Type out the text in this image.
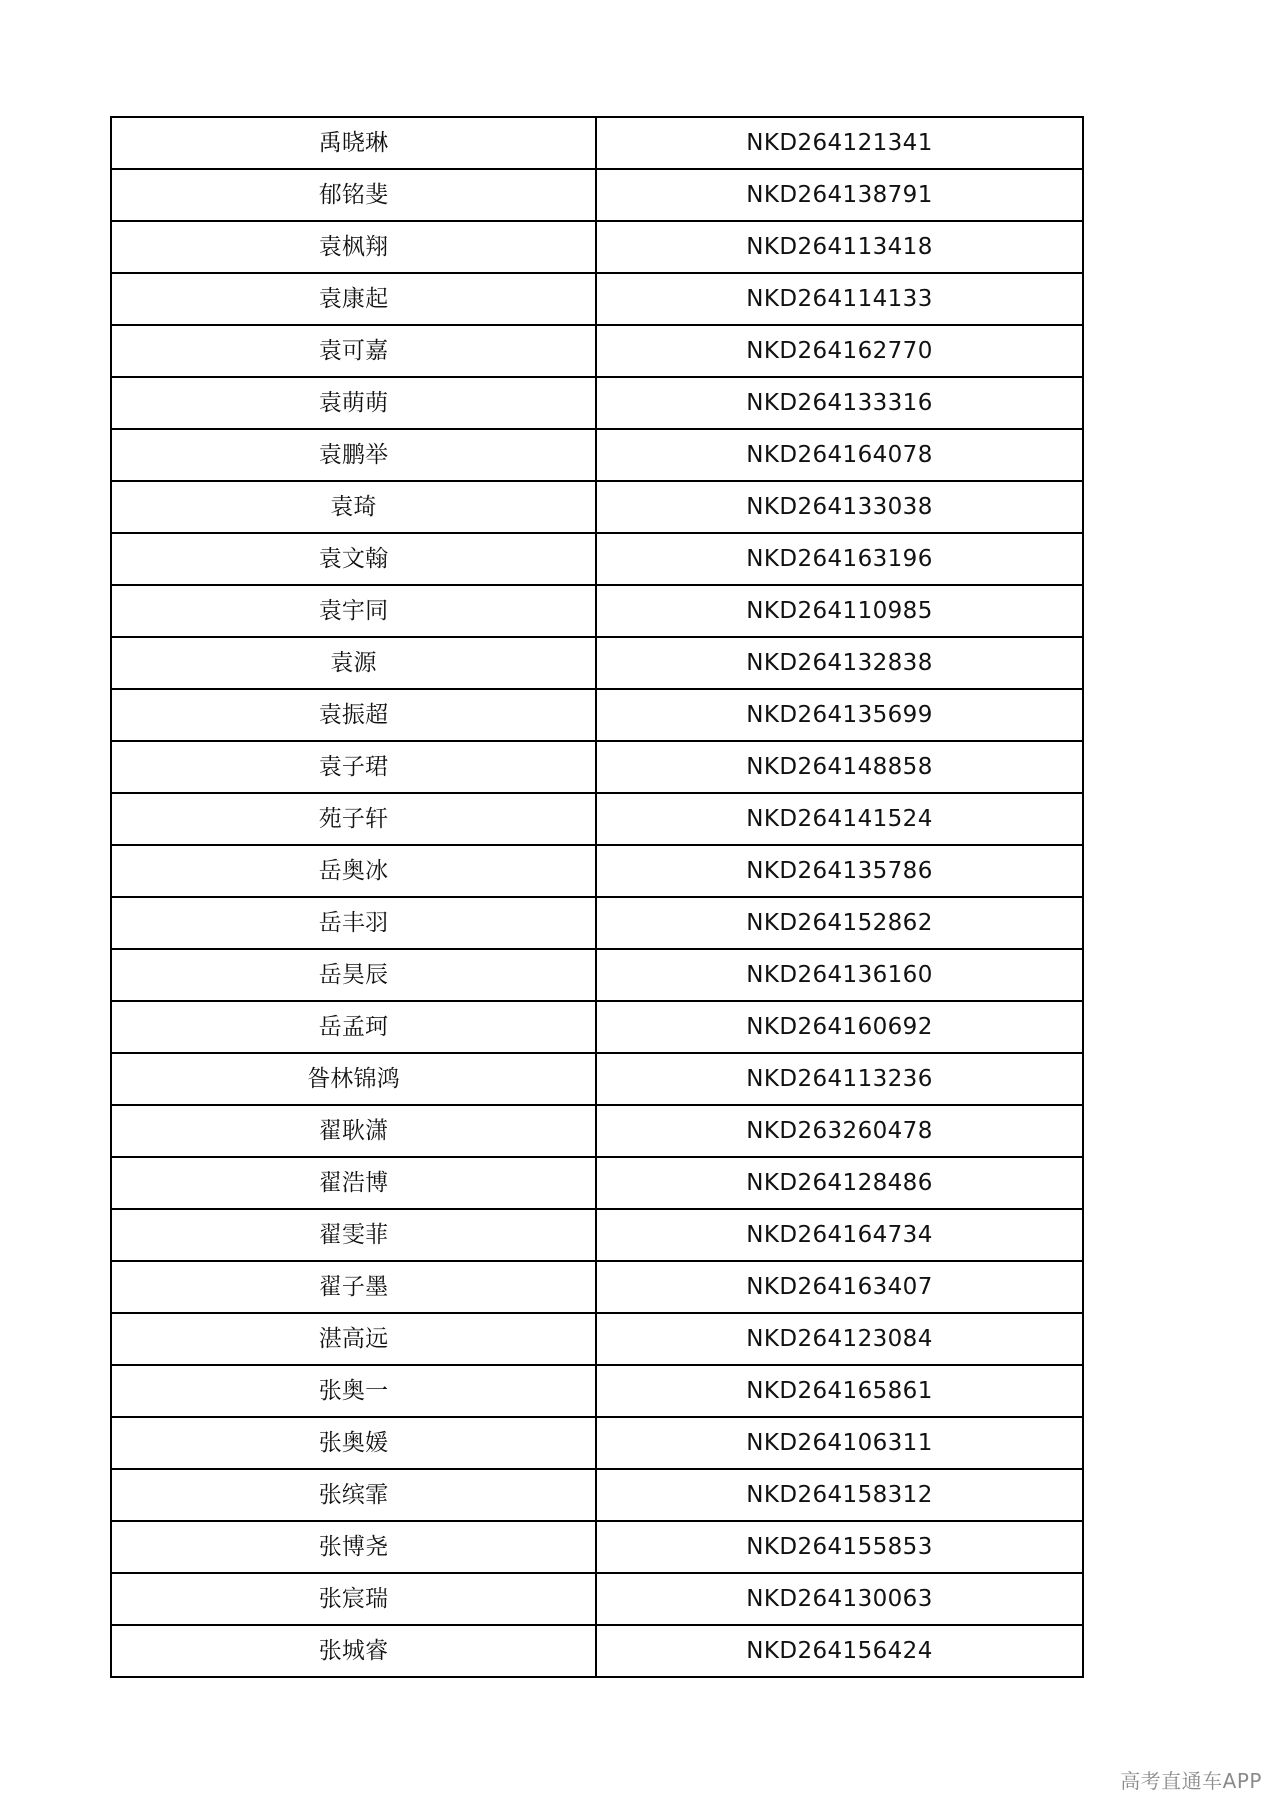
禹晓琳	NKD264121341
郁铭斐	NKD264138791
袁枫翔	NKD264113418
袁康起	NKD264114133
袁可嘉	NKD264162770
袁萌萌	NKD264133316
袁鹏举	NKD264164078
袁琦	NKD264133038
袁文翰	NKD264163196
袁宇同	NKD264110985
袁源	NKD264132838
袁振超	NKD264135699
袁子珺	NKD264148858
苑子轩	NKD264141524
岳奥冰	NKD264135786
岳丰羽	NKD264152862
岳昊辰	NKD264136160
岳孟珂	NKD264160692
昝林锦鸿	NKD264113236
翟耿潇	NKD263260478
翟浩博	NKD264128486
翟雯菲	NKD264164734
翟子墨	NKD264163407
湛高远	NKD264123084
张奥一	NKD264165861
张奥媛	NKD264106311
张缤霏	NKD264158312
张博尧	NKD264155853
张宸瑞	NKD264130063
张城睿	NKD264156424
高考直通车APP
